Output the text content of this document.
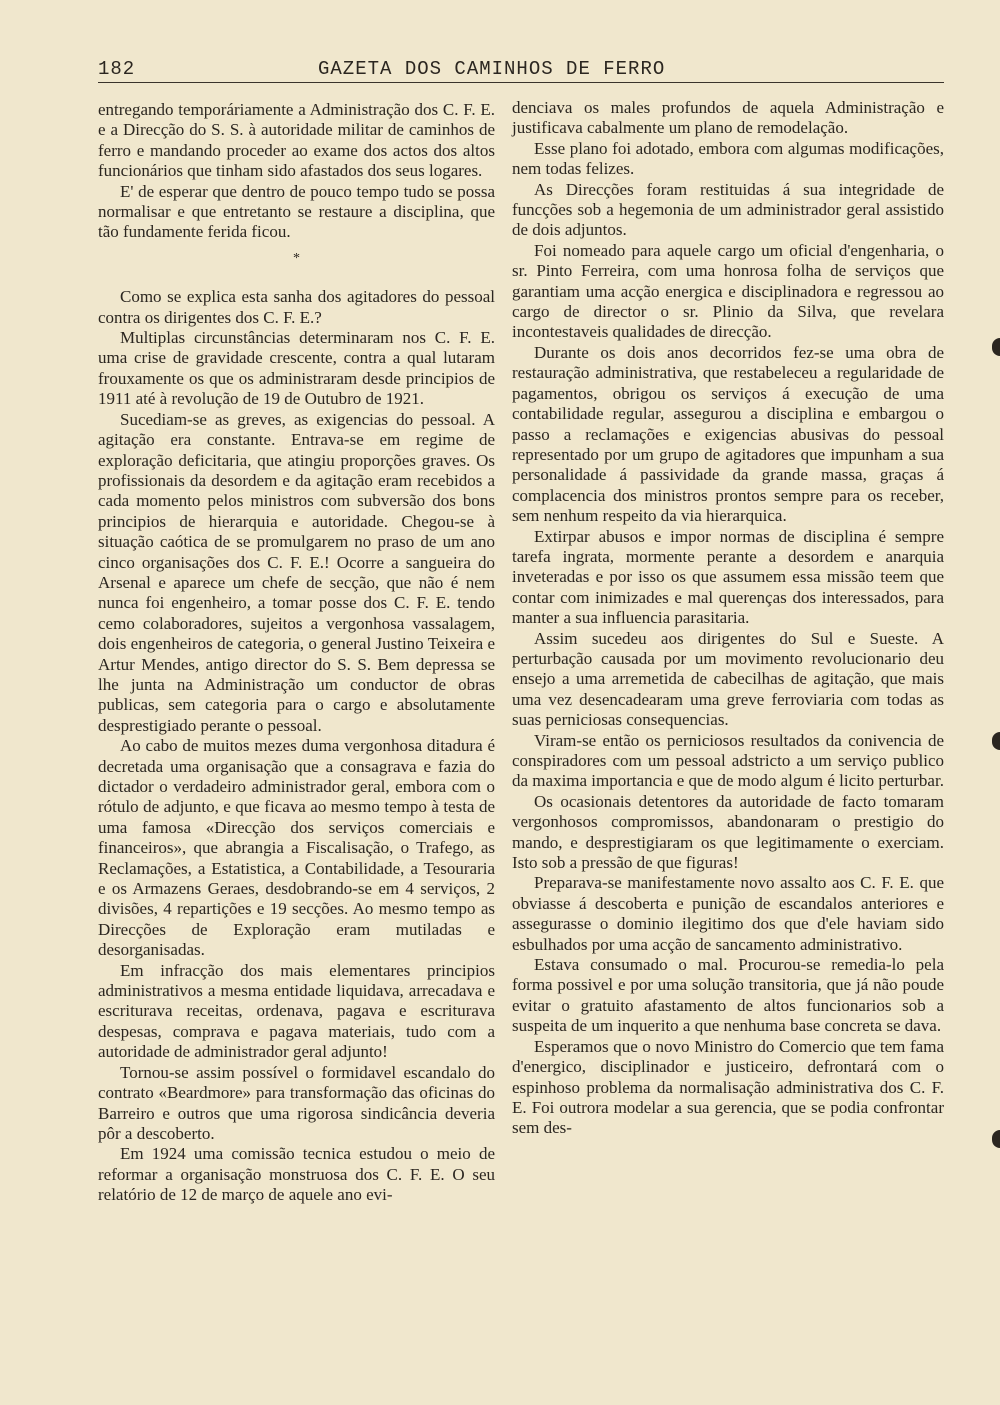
182	GAZETA DOS CAMINHOS DE FERRO

entregando temporáriamente a Administração dos C. F. E. e a Direcção do S. S. à autoridade militar de caminhos de ferro e mandando proceder ao exame dos actos dos altos funcionários que tinham sido afastados dos seus logares.

E' de esperar que dentro de pouco tempo tudo se possa normalisar e que entretanto se restaure a disciplina, que tão fundamente ferida ficou.

*

Como se explica esta sanha dos agitadores do pessoal contra os dirigentes dos C. F. E.?

Multiplas circunstâncias determinaram nos C. F. E. uma crise de gravidade crescente, contra a qual lutaram frouxamente os que os administraram desde principios de 1911 até à revolução de 19 de Outubro de 1921.

Sucediam-se as greves, as exigencias do pessoal. A agitação era constante. Entrava-se em regime de exploração deficitaria, que atingiu proporções graves. Os profissionais da desordem e da agitação eram recebidos a cada momento pelos ministros com subversão dos bons principios de hierarquia e autoridade. Chegou-se à situação caótica de se promulgarem no praso de um ano cinco organisações dos C. F. E.! Ocorre a sangueira do Arsenal e aparece um chefe de secção, que não é nem nunca foi engenheiro, a tomar posse dos C. F. E. tendo cemo colaboradores, sujeitos a vergonhosa vassalagem, dois engenheiros de categoria, o general Justino Teixeira e Artur Mendes, antigo director do S. S. Bem depressa se lhe junta na Administração um conductor de obras publicas, sem categoria para o cargo e absolutamente desprestigiado perante o pessoal.

Ao cabo de muitos mezes duma vergonhosa ditadura é decretada uma organisação que a consagrava e fazia do dictador o verdadeiro administrador geral, embora com o rótulo de adjunto, e que ficava ao mesmo tempo à testa de uma famosa «Direcção dos serviços comerciais e financeiros», que abrangia a Fiscalisação, o Trafego, as Reclamações, a Estatistica, a Contabilidade, a Tesouraria e os Armazens Geraes, desdobrando-se em 4 serviços, 2 divisões, 4 repartições e 19 secções. Ao mesmo tempo as Direcções de Exploração eram mutiladas e desorganisadas.

Em infracção dos mais elementares principios administrativos a mesma entidade liquidava, arrecadava e escriturava receitas, ordenava, pagava e escriturava despesas, comprava e pagava materiais, tudo com a autoridade de administrador geral adjunto!

Tornou-se assim possível o formidavel escandalo do contrato «Beardmore» para transformação das oficinas do Barreiro e outros que uma rigorosa sindicância deveria pôr a descoberto.

Em 1924 uma comissão tecnica estudou o meio de reformar a organisação monstruosa dos C. F. E. O seu relatório de 12 de março de aquele ano evi-

denciava os males profundos de aquela Administração e justificava cabalmente um plano de remodelação.

Esse plano foi adotado, embora com algumas modificações, nem todas felizes.

As Direcções foram restituidas á sua integridade de funcções sob a hegemonia de um administrador geral assistido de dois adjuntos.

Foi nomeado para aquele cargo um oficial d'engenharia, o sr. Pinto Ferreira, com uma honrosa folha de serviços que garantiam uma acção energica e disciplinadora e regressou ao cargo de director o sr. Plinio da Silva, que revelara incontestaveis qualidades de direcção.

Durante os dois anos decorridos fez-se uma obra de restauração administrativa, que restabeleceu a regularidade de pagamentos, obrigou os serviços á execução de uma contabilidade regular, assegurou a disciplina e embargou o passo a reclamações e exigencias abusivas do pessoal representado por um grupo de agitadores que impunham a sua personalidade á passividade da grande massa, graças á complacencia dos ministros prontos sempre para os receber, sem nenhum respeito da via hierarquica.

Extirpar abusos e impor normas de disciplina é sempre tarefa ingrata, mormente perante a desordem e anarquia inveteradas e por isso os que assumem essa missão teem que contar com inimizades e mal querenças dos interessados, para manter a sua influencia parasitaria.

Assim sucedeu aos dirigentes do Sul e Sueste. A perturbação causada por um movimento revolucionario deu ensejo a uma arremetida de cabecilhas de agitação, que mais uma vez desencadearam uma greve ferroviaria com todas as suas perniciosas consequencias.

Viram-se então os perniciosos resultados da conivencia de conspiradores com um pessoal adstricto a um serviço publico da maxima importancia e que de modo algum é licito perturbar.

Os ocasionais detentores da autoridade de facto tomaram vergonhosos compromissos, abandonaram o prestigio do mando, e desprestigiaram os que legitimamente o exerciam. Isto sob a pressão de que figuras!

Preparava-se manifestamente novo assalto aos C. F. E. que obviasse á descoberta e punição de escandalos anteriores e assegurasse o dominio ilegitimo dos que d'ele haviam sido esbulhados por uma acção de sancamento administrativo.

Estava consumado o mal. Procurou-se remedia-lo pela forma possivel e por uma solução transitoria, que já não poude evitar o gratuito afastamento de altos funcionarios sob a suspeita de um inquerito a que nenhuma base concreta se dava.

Esperamos que o novo Ministro do Comercio que tem fama d'energico, disciplinador e justiceiro, defrontará com o espinhoso problema da normalisação administrativa dos C. F. E. Foi outrora modelar a sua gerencia, que se podia confrontar sem des-
